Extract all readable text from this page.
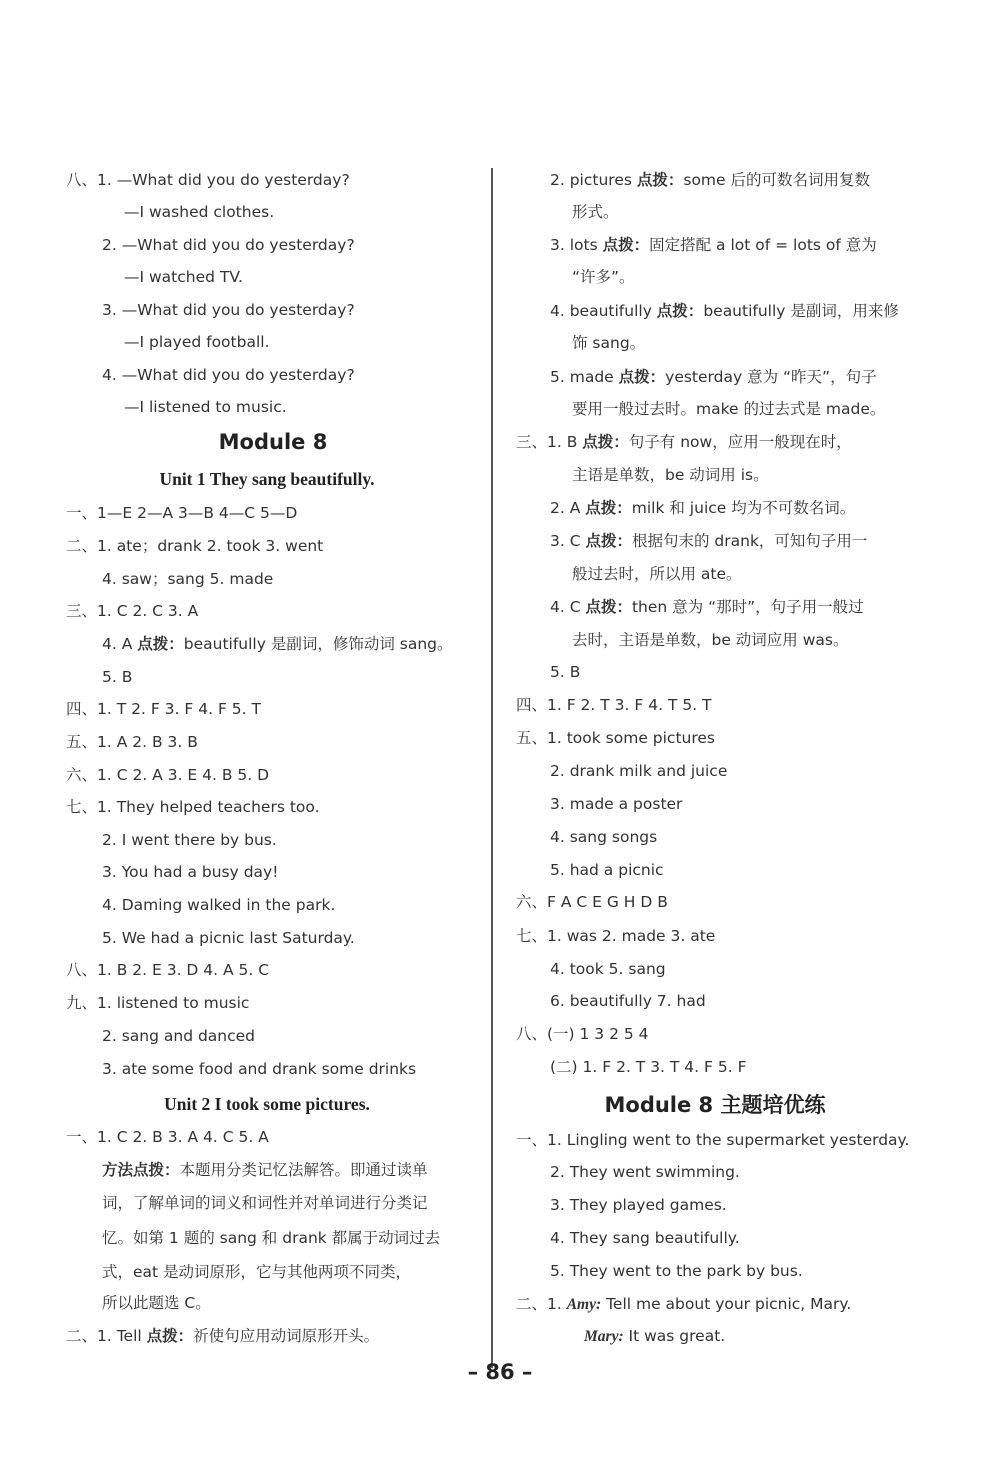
八、1. —What did you do yesterday?
—I washed clothes.
2. —What did you do yesterday?
—I watched TV.
3. —What did you do yesterday?
—I played football.
4. —What did you do yesterday?
—I listened to music.
一、1—E 2—A 3—B 4—C 5—D
二、1. ate；drank 2. took 3. went
4. saw；sang 5. made
三、1. C 2. C 3. A
4. A 点拨：beautifully 是副词，修饰动词 sang。
5. B
四、1. T 2. F 3. F 4. F 5. T
五、1. A 2. B 3. B
六、1. C 2. A 3. E 4. B 5. D
七、1. They helped teachers too.
2. I went there by bus.
3. You had a busy day!
4. Daming walked in the park.
5. We had a picnic last Saturday.
八、1. B 2. E 3. D 4. A 5. C
九、1. listened to music
2. sang and danced
3. ate some food and drank some drinks
一、1. C 2. B 3. A 4. C 5. A
方法点拨：本题用分类记忆法解答。即通过读单
词，了解单词的词义和词性并对单词进行分类记
忆。如第 1 题的 sang 和 drank 都属于动词过去
式，eat 是动词原形，它与其他两项不同类，
所以此题选 C。
二、1. Tell 点拨：祈使句应用动词原形开头。
Module 8
Unit 1 They sang beautifully.
Unit 2 I took some pictures.
2. pictures 点拨：some 后的可数名词用复数
形式。
3. lots 点拨：固定搭配 a lot of = lots of 意为
“许多”。
4. beautifully 点拨：beautifully 是副词，用来修
饰 sang。
5. made 点拨：yesterday 意为 “昨天”，句子
要用一般过去时。make 的过去式是 made。
三、1. B 点拨：句子有 now，应用一般现在时，
主语是单数，be 动词用 is。
2. A 点拨：milk 和 juice 均为不可数名词。
3. C 点拨：根据句末的 drank，可知句子用一
般过去时，所以用 ate。
4. C 点拨：then 意为 “那时”，句子用一般过
去时，主语是单数，be 动词应用 was。
5. B
四、1. F 2. T 3. F 4. T 5. T
五、1. took some pictures
2. drank milk and juice
3. made a poster
4. sang songs
5. had a picnic
六、F A C E G H D B
七、1. was 2. made 3. ate
4. took 5. sang
6. beautifully 7. had
八、(一) 1 3 2 5 4
(二) 1. F 2. T 3. T 4. F 5. F
一、1. Lingling went to the supermarket yesterday.
2. They went swimming.
3. They played games.
4. They sang beautifully.
5. They went to the park by bus.
二、1. Amy: Tell me about your picnic, Mary.
Mary: It was great.
Module 8 主题培优练
– 86 –
